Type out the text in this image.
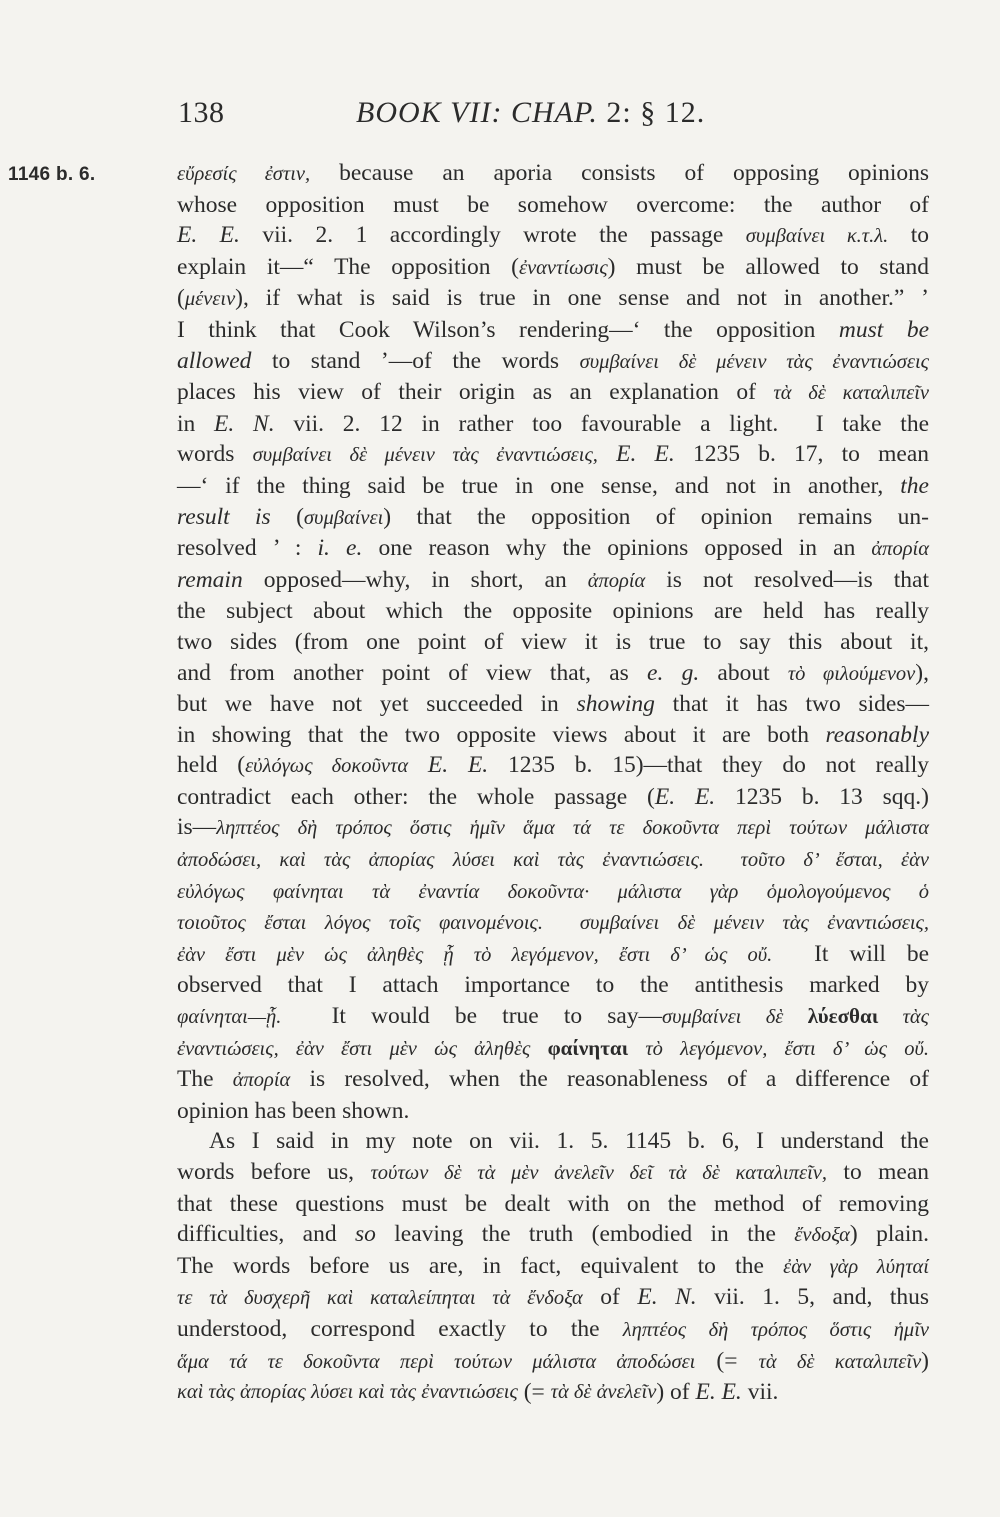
138	BOOK VII: CHAP. 2: § 12.
1146 b. 6.	εὔρεσίς ἐστιν, because an aporia consists of opposing opinions
whose opposition must be somehow overcome: the author of
E. E. vii. 2. 1 accordingly wrote the passage συμβαίνει κ.τ.λ. to
explain it—“ The opposition (ἐναντίωσις) must be allowed to stand
(μένειν), if what is said is true in one sense and not in another.” ’
I think that Cook Wilson’s rendering—‘ the opposition must be
allowed to stand ’—of the words συμβαίνει δὲ μένειν τὰς ἐναντιώσεις
places his view of their origin as an explanation of τὰ δὲ καταλιπεῖν
in E. N. vii. 2. 12 in rather too favourable a light.  I take the
words συμβαίνει δὲ μένειν τὰς ἐναντιώσεις, E. E. 1235 b. 17, to mean
—‘ if the thing said be true in one sense, and not in another, the
result is (συμβαίνει) that the opposition of opinion remains un-
resolved ’ : i. e. one reason why the opinions opposed in an ἀπορία
remain opposed—why, in short, an ἀπορία is not resolved—is that
the subject about which the opposite opinions are held has really
two sides (from one point of view it is true to say this about it,
and from another point of view that, as e. g. about τὸ φιλούμενον),
but we have not yet succeeded in showing that it has two sides—
in showing that the two opposite views about it are both reasonably
held (εὐλόγως δοκοῦντα E. E. 1235 b. 15)—that they do not really
contradict each other: the whole passage (E. E. 1235 b. 13 sqq.)
is—ληπτέος δὴ τρόπος ὅστις ἡμῖν ἅμα τά τε δοκοῦντα περὶ τούτων μάλιστα
ἀποδώσει, καὶ τὰς ἀπορίας λύσει καὶ τὰς ἐναντιώσεις.  τοῦτο δ’ ἔσται, ἐὰν
εὐλόγως φαίνηται τὰ ἐναντία δοκοῦντα· μάλιστα γὰρ ὁμολογούμενος ὁ
τοιοῦτος ἔσται λόγος τοῖς φαινομένοις.  συμβαίνει δὲ μένειν τὰς ἐναντιώσεις,
ἐὰν ἔστι μὲν ὡς ἀληθὲς ᾗ τὸ λεγόμενον, ἔστι δ’ ὡς οὔ.  It will be
observed that I attach importance to the antithesis marked by
φαίνηται—ᾗ.  It would be true to say—συμβαίνει δὲ λύεσθαι τὰς
ἐναντιώσεις, ἐὰν ἔστι μὲν ὡς ἀληθὲς φαίνηται τὸ λεγόμενον, ἔστι δ’ ὡς οὔ.
The ἀπορία is resolved, when the reasonableness of a difference of
opinion has been shown.
As I said in my note on vii. 1. 5. 1145 b. 6, I understand the
words before us, τούτων δὲ τὰ μὲν ἀνελεῖν δεῖ τὰ δὲ καταλιπεῖν, to mean
that these questions must be dealt with on the method of removing
difficulties, and so leaving the truth (embodied in the ἔνδοξα) plain.
The words before us are, in fact, equivalent to the ἐὰν γὰρ λύηταί
τε τὰ δυσχερῆ καὶ καταλείπηται τὰ ἔνδοξα of E. N. vii. 1. 5, and, thus
understood, correspond exactly to the ληπτέος δὴ τρόπος ὅστις ἡμῖν
ἅμα τά τε δοκοῦντα περὶ τούτων μάλιστα ἀποδώσει (= τὰ δὲ καταλιπεῖν)
καὶ τὰς ἀπορίας λύσει καὶ τὰς ἐναντιώσεις (= τὰ δὲ ἀνελεῖν ) of E. E. vii.
